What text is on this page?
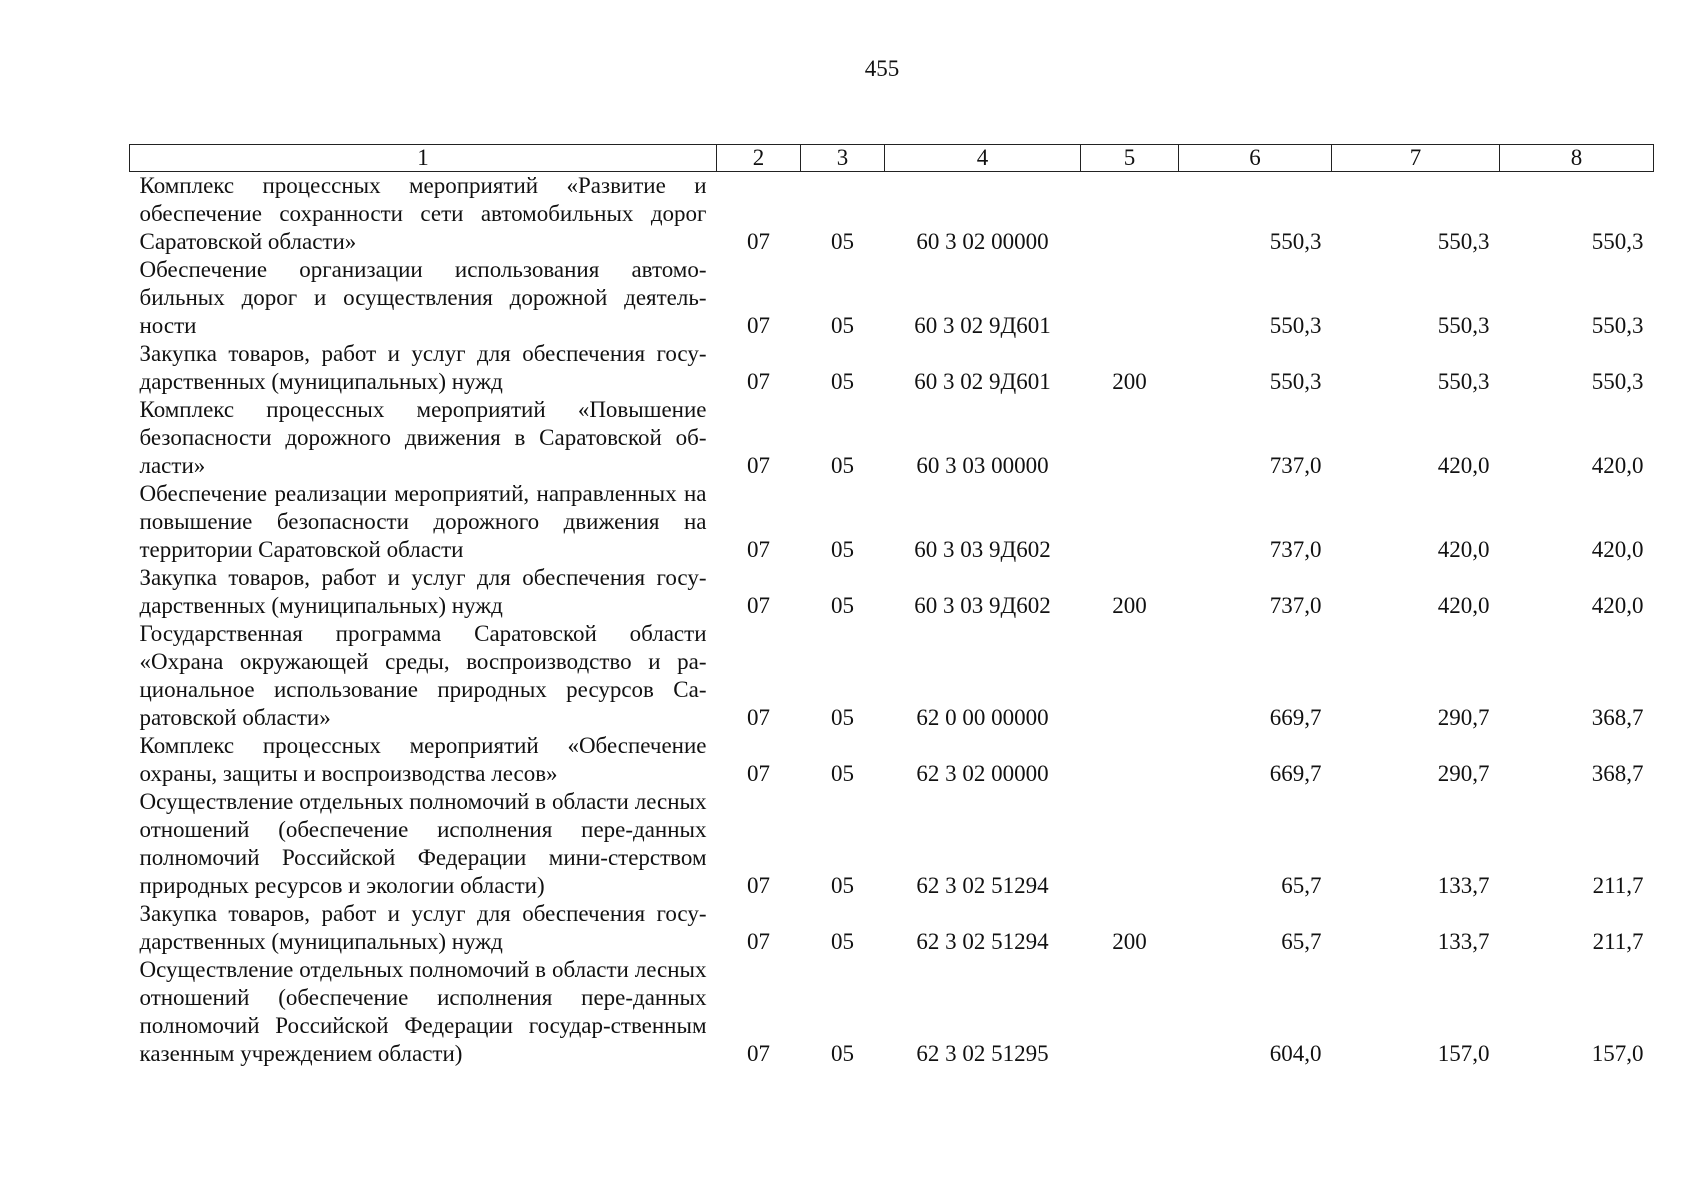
455
1	2	3	4	5	6	7	8
Комплекс процессных мероприятий «Развитие и обеспечение сохранности сети автомобильных дорог Саратовской области»	07	05	60 3 02 00000		550,3	550,3	550,3
Обеспечение организации использования автомо-бильных дорог и осуществления дорожной деятель-ности	07	05	60 3 02 9Д601		550,3	550,3	550,3
Закупка товаров, работ и услуг для обеспечения госу-дарственных (муниципальных) нужд	07	05	60 3 02 9Д601	200	550,3	550,3	550,3
Комплекс процессных мероприятий «Повышение безопасности дорожного движения в Саратовской об-ласти»	07	05	60 3 03 00000		737,0	420,0	420,0
Обеспечение реализации мероприятий, направленных на повышение безопасности дорожного движения на территории Саратовской области	07	05	60 3 03 9Д602		737,0	420,0	420,0
Закупка товаров, работ и услуг для обеспечения госу-дарственных (муниципальных) нужд	07	05	60 3 03 9Д602	200	737,0	420,0	420,0
Государственная программа Саратовской области «Охрана окружающей среды, воспроизводство и ра-циональное использование природных ресурсов Са-ратовской области»	07	05	62 0 00 00000		669,7	290,7	368,7
Комплекс процессных мероприятий «Обеспечение охраны, защиты и воспроизводства лесов»	07	05	62 3 02 00000		669,7	290,7	368,7
Осуществление отдельных полномочий в области лесных отношений (обеспечение исполнения пере-данных полномочий Российской Федерации мини-стерством природных ресурсов и экологии области)	07	05	62 3 02 51294		65,7	133,7	211,7
Закупка товаров, работ и услуг для обеспечения госу-дарственных (муниципальных) нужд	07	05	62 3 02 51294	200	65,7	133,7	211,7
Осуществление отдельных полномочий в области лесных отношений (обеспечение исполнения пере-данных полномочий Российской Федерации государ-ственным казенным учреждением области)	07	05	62 3 02 51295		604,0	157,0	157,0
